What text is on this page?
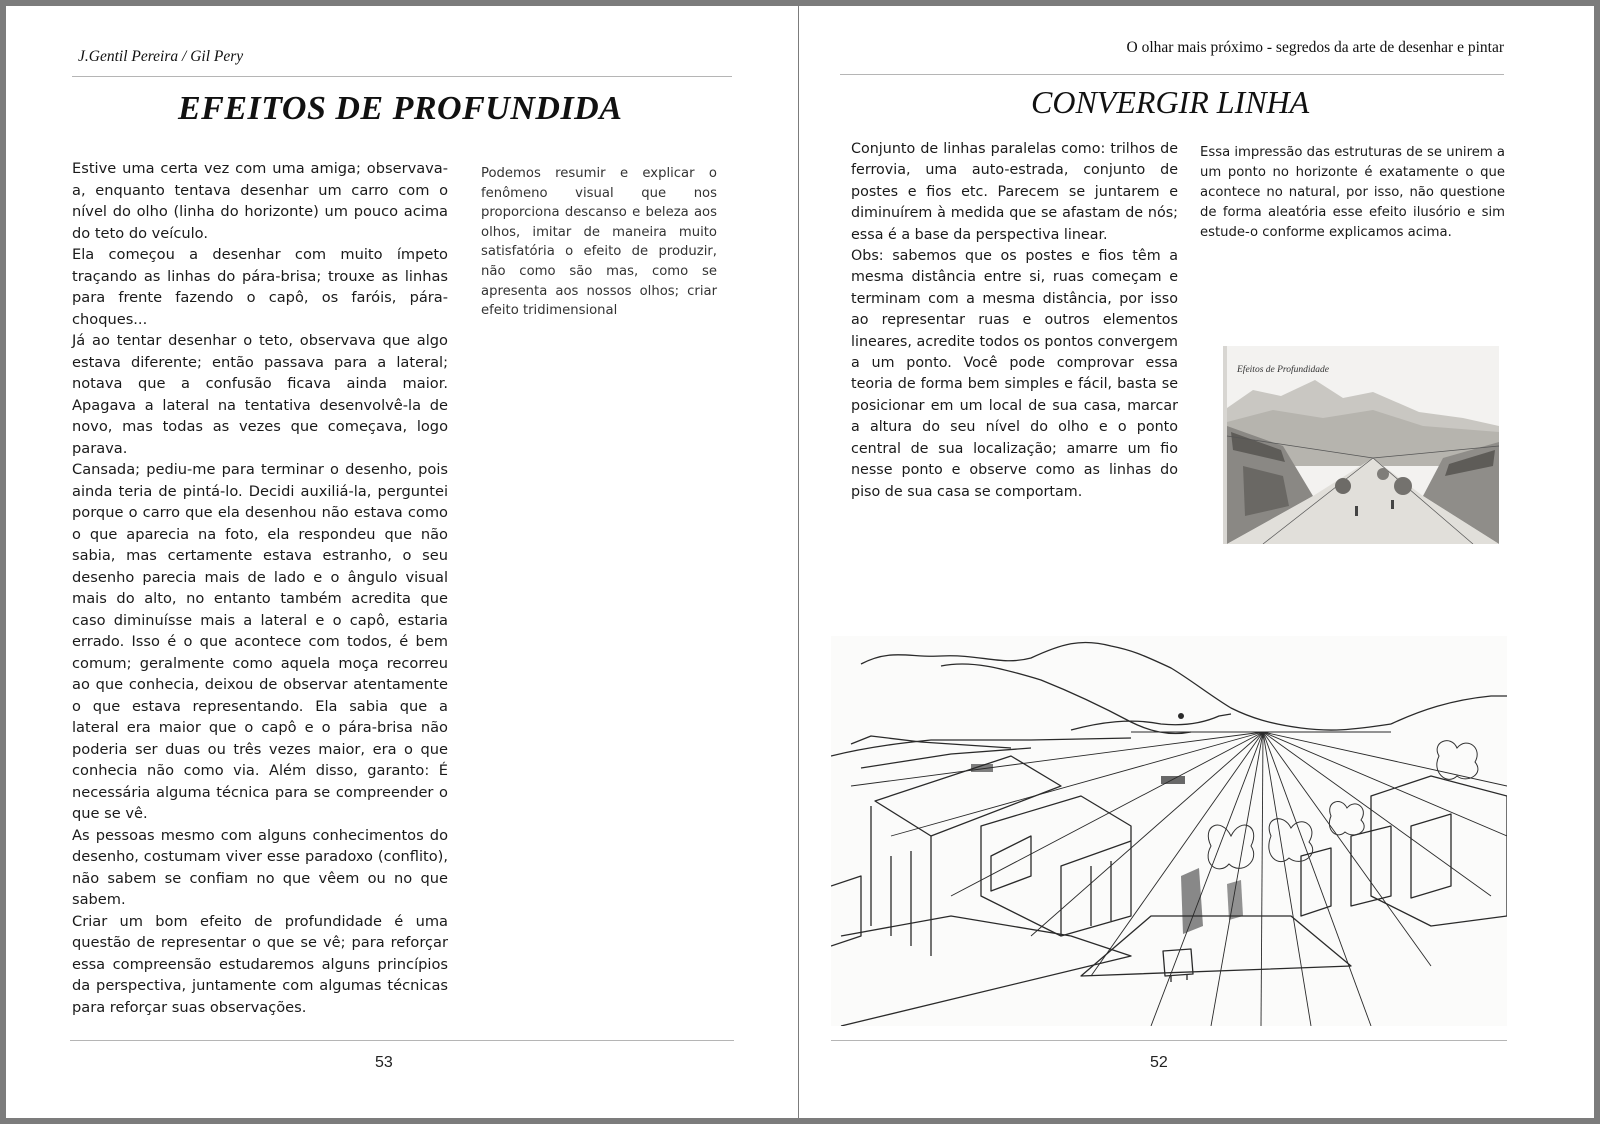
J.Gentil Pereira / Gil Pery
EFEITOS DE PROFUNDIDA

Estive uma certa vez com uma amiga; observava-a, enquanto tentava desenhar um carro com o nível do olho (linha do horizonte) um pouco acima do teto do veículo.

Ela começou a desenhar com muito ímpeto traçando as linhas do pára-brisa; trouxe as linhas para frente fazendo o capô, os faróis, pára-choques...

Já ao tentar desenhar o teto, observava que algo estava diferente; então passava para a lateral; notava que a confusão ficava ainda maior. Apagava a lateral na tentativa desenvolvê-la de novo, mas todas as vezes que começava, logo parava.

Cansada; pediu-me para terminar o desenho, pois ainda teria de pintá-lo. Decidi auxiliá-la, perguntei porque o carro que ela desenhou não estava como o que aparecia na foto, ela respondeu que não sabia, mas certamente estava estranho, o seu desenho parecia mais de lado e o ângulo visual mais do alto, no entanto também acredita que caso diminuísse mais a lateral e o capô, estaria errado. Isso é o que acontece com todos, é bem comum; geralmente como aquela moça recorreu ao que conhecia, deixou de observar atentamente o que estava representando. Ela sabia que a lateral era maior que o capô e o pára-brisa não poderia ser duas ou três vezes maior, era o que conhecia não como via. Além disso, garanto: É necessária alguma técnica para se compreender o que se vê.

As pessoas mesmo com alguns conhecimentos do desenho, costumam viver esse paradoxo (conflito), não sabem se confiam no que vêem ou no que sabem.

Criar um bom efeito de profundidade é uma questão de representar o que se vê; para reforçar essa compreensão estudaremos alguns princípios da perspectiva, juntamente com algumas técnicas para reforçar suas observações.

Podemos resumir e explicar o fenômeno visual que nos proporciona descanso e beleza aos olhos, imitar de maneira muito satisfatória o efeito de produzir, não como são mas, como se apresenta aos nossos olhos; criar efeito tridimensional

53
O olhar mais próximo - segredos da arte de desenhar e pintar
CONVERGIR LINHA

Conjunto de linhas paralelas como: trilhos de ferrovia, uma auto-estrada, conjunto de postes e fios etc. Parecem se juntarem e diminuírem à medida que se afastam de nós; essa é a base da perspectiva linear.

Obs: sabemos que os postes e fios têm a mesma distância entre si, ruas começam e terminam com a mesma distância, por isso ao representar ruas e outros elementos lineares, acredite todos os pontos convergem a um ponto. Você pode comprovar essa teoria de forma bem simples e fácil, basta se posicionar em um local de sua casa, marcar a altura do seu nível do olho e o ponto central de sua localização; amarre um fio nesse ponto e observe como as linhas do piso de sua casa se comportam.

Essa impressão das estruturas de se unirem a um ponto no horizonte é exatamente o que acontece no natural, por isso, não questione de forma aleatória esse efeito ilusório e sim estude-o conforme explicamos acima.

Efeitos de Profundidade
52
